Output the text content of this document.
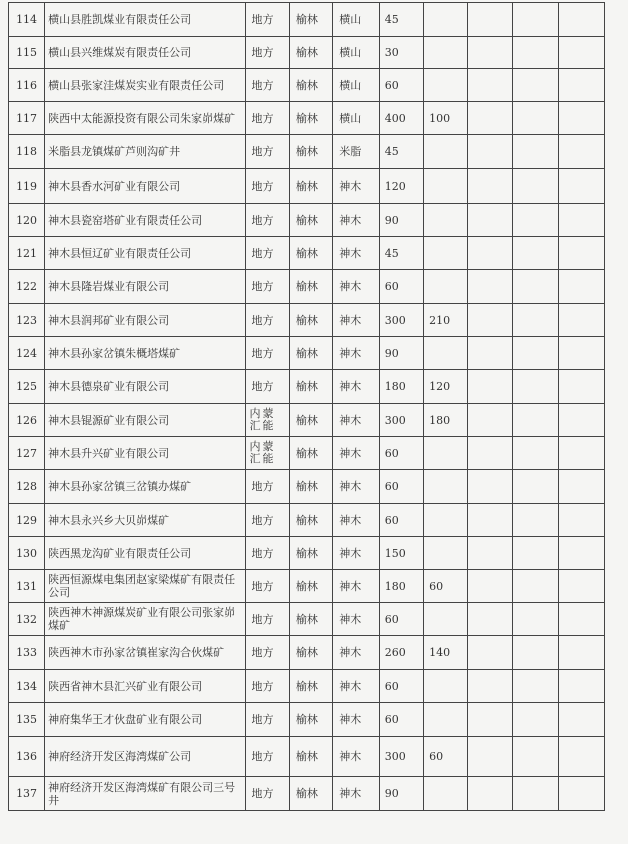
114	横山县胜凯煤业有限责任公司	地方	榆林	横山	45				
115	横山县兴维煤炭有限责任公司	地方	榆林	横山	30				
116	横山县张家洼煤炭实业有限责任公司	地方	榆林	横山	60				
117	陕西中太能源投资有限公司朱家峁煤矿	地方	榆林	横山	400	100			
118	米脂县龙镇煤矿芦则沟矿井	地方	榆林	米脂	45				
119	神木县香水河矿业有限公司	地方	榆林	神木	120				
120	神木县瓷窑塔矿业有限责任公司	地方	榆林	神木	90				
121	神木县恒辽矿业有限责任公司	地方	榆林	神木	45				
122	神木县隆岩煤业有限公司	地方	榆林	神木	60				
123	神木县润邦矿业有限公司	地方	榆林	神木	300	210			
124	神木县孙家岔镇朱概塔煤矿	地方	榆林	神木	90				
125	神木县德泉矿业有限公司	地方	榆林	神木	180	120			
126	神木县锟源矿业有限公司	内蒙汇能	榆林	神木	300	180			
127	神木县升兴矿业有限公司	内蒙汇能	榆林	神木	60				
128	神木县孙家岔镇三岔镇办煤矿	地方	榆林	神木	60				
129	神木县永兴乡大贝峁煤矿	地方	榆林	神木	60				
130	陕西黑龙沟矿业有限责任公司	地方	榆林	神木	150				
131	陕西恒源煤电集团赵家梁煤矿有限责任公司	地方	榆林	神木	180	60			
132	陕西神木神源煤炭矿业有限公司张家峁煤矿	地方	榆林	神木	60				
133	陕西神木市孙家岔镇崔家沟合伙煤矿	地方	榆林	神木	260	140			
134	陕西省神木县汇兴矿业有限公司	地方	榆林	神木	60				
135	神府集华王才伙盘矿业有限公司	地方	榆林	神木	60				
136	神府经济开发区海湾煤矿公司	地方	榆林	神木	300	60			
137	神府经济开发区海湾煤矿有限公司三号井	地方	榆林	神木	90				
